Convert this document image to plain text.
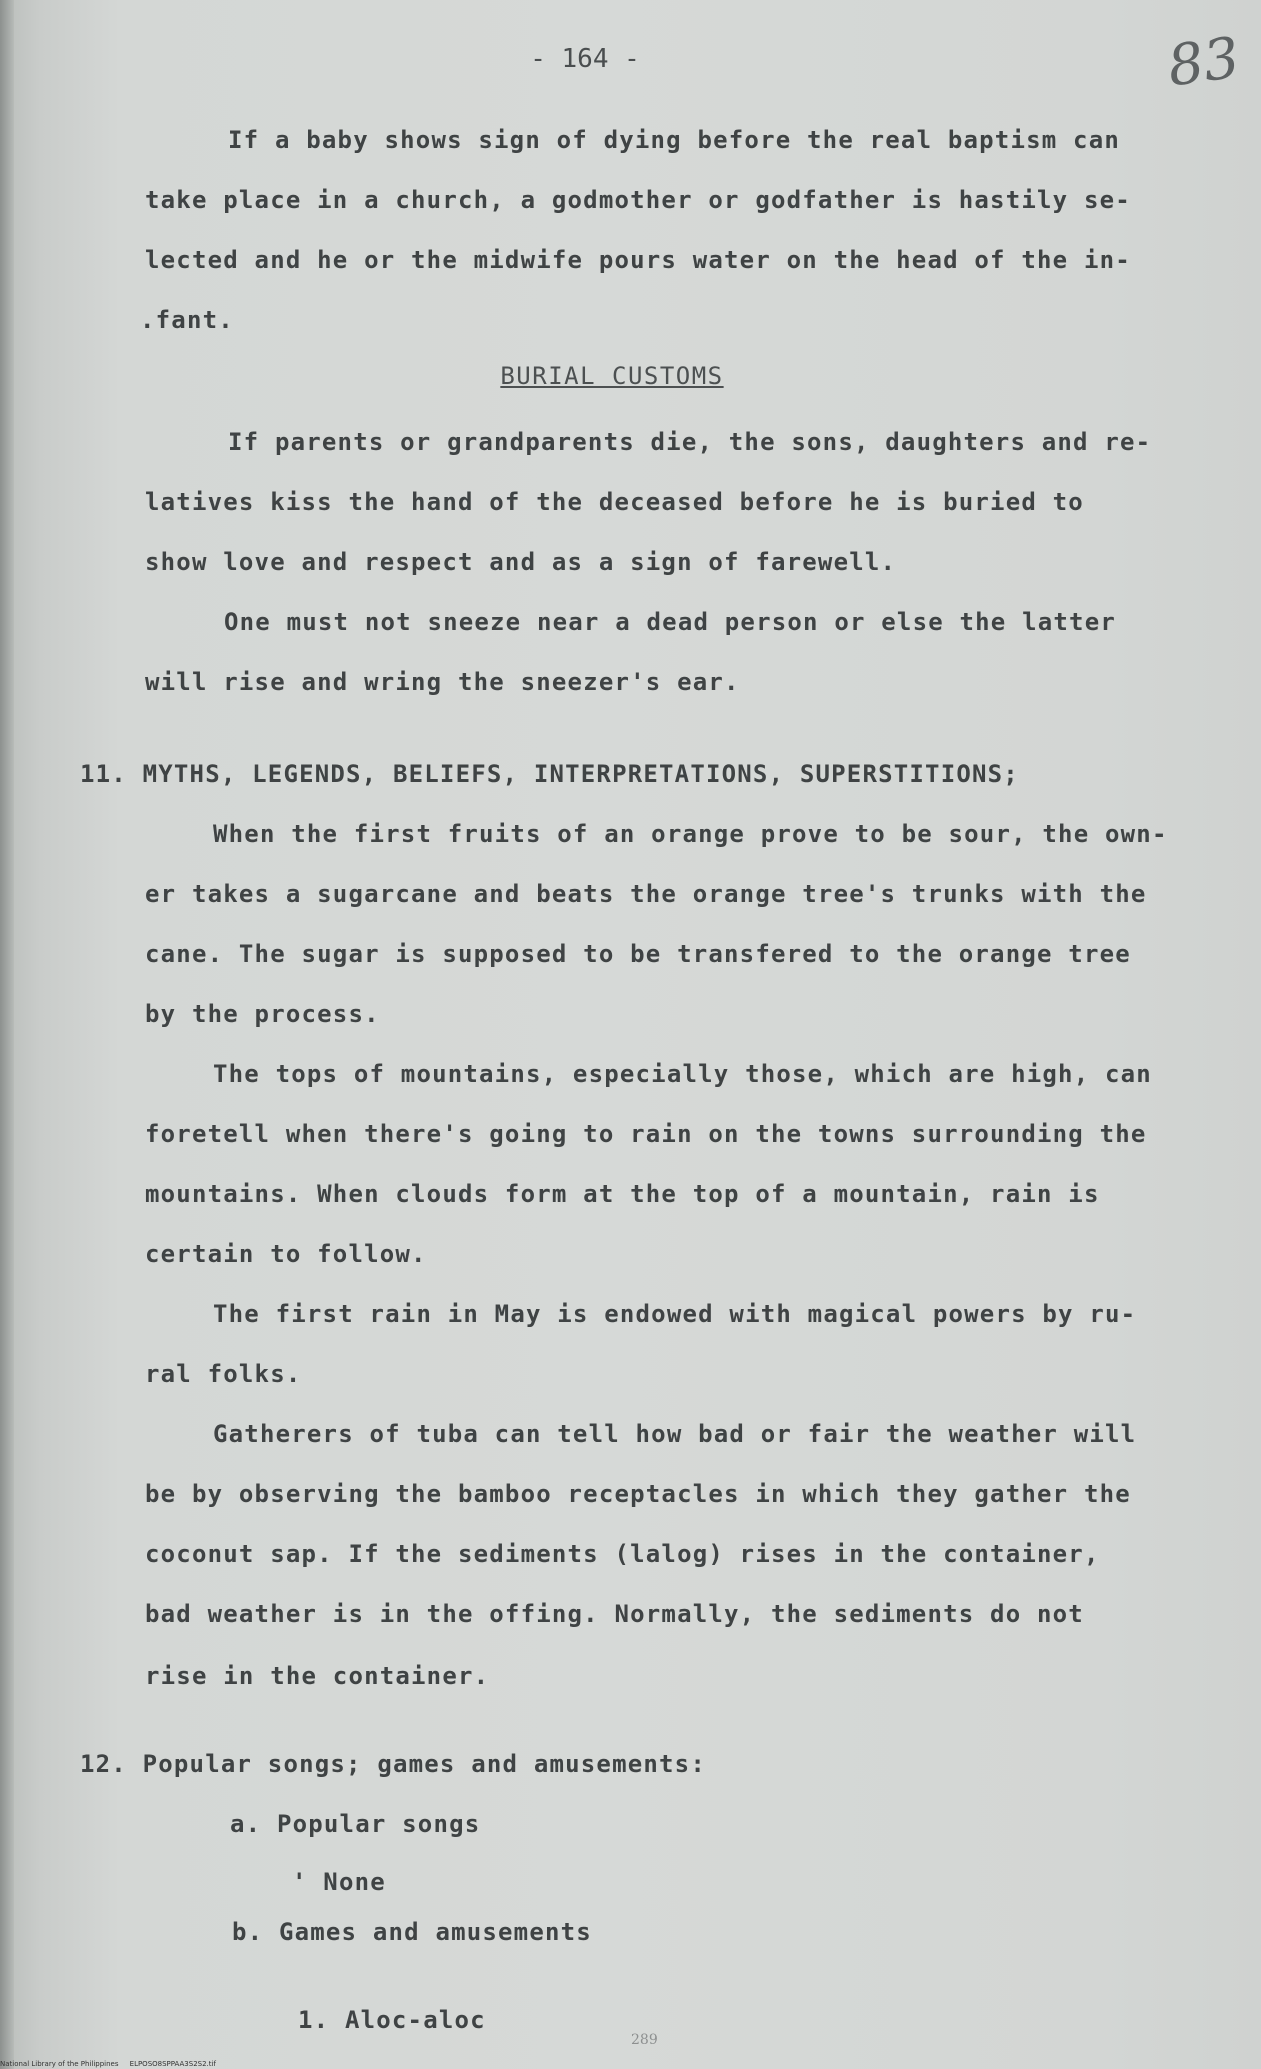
- 164 -	83
If a baby shows sign of dying before the real baptism can
take place in a church, a godmother or godfather is hastily se-
lected and he or the midwife pours water on the head of the in-
.fant.
BURIAL CUSTOMS
If parents or grandparents die, the sons, daughters and re-
latives kiss the hand of the deceased before he is buried to
show love and respect and as a sign of farewell.
One must not sneeze near a dead person or else the latter
will rise and wring the sneezer's ear.
11. MYTHS, LEGENDS, BELIEFS, INTERPRETATIONS, SUPERSTITIONS;
When the first fruits of an orange prove to be sour, the own-
er takes a sugarcane and beats the orange tree's trunks with the
cane. The sugar is supposed to be transfered to the orange tree
by the process.
The tops of mountains, especially those, which are high, can
foretell when there's going to rain on the towns surrounding the
mountains. When clouds form at the top of a mountain, rain is
certain to follow.
The first rain in May is endowed with magical powers by ru-
ral folks.
Gatherers of tuba can tell how bad or fair the weather will
be by observing the bamboo receptacles in which they gather the
coconut sap. If the sediments (lalog) rises in the container,
bad weather is in the offing. Normally, the sediments do not
rise in the container.
12. Popular songs; games and amusements:
a. Popular songs
' None
b. Games and amusements
1. Aloc-aloc
289
National Library of the Philippines ELPOSO8SPPAA3S2S2.tif
